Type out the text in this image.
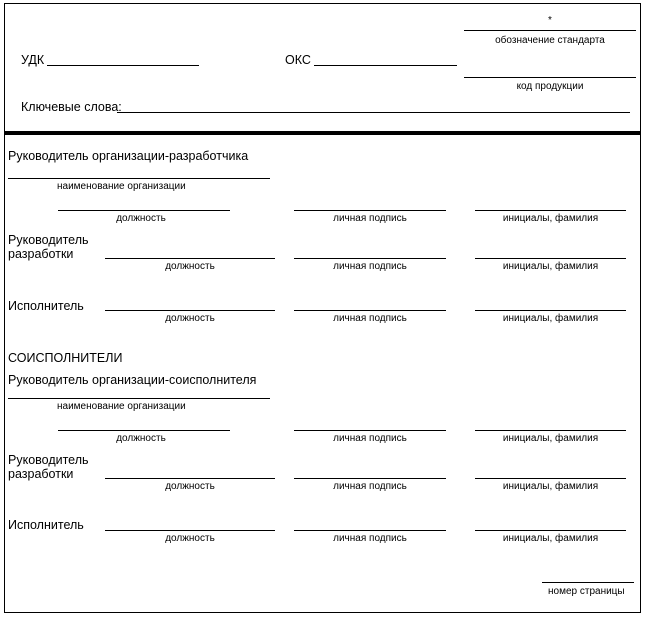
*
обозначение стандарта
УДК	ОКС
код продукции
Ключевые слова:
Руководитель организации-разработчика
наименование организации
должность	личная подпись	инициалы, фамилия
Руководитель
разработки
должность	личная подпись	инициалы, фамилия
Исполнитель
должность	личная подпись	инициалы, фамилия
СОИСПОЛНИТЕЛИ
Руководитель организации-соисполнителя
наименование организации
должность	личная подпись	инициалы, фамилия
Руководитель
разработки
должность	личная подпись	инициалы, фамилия
Исполнитель
должность	личная подпись	инициалы, фамилия
номер страницы
